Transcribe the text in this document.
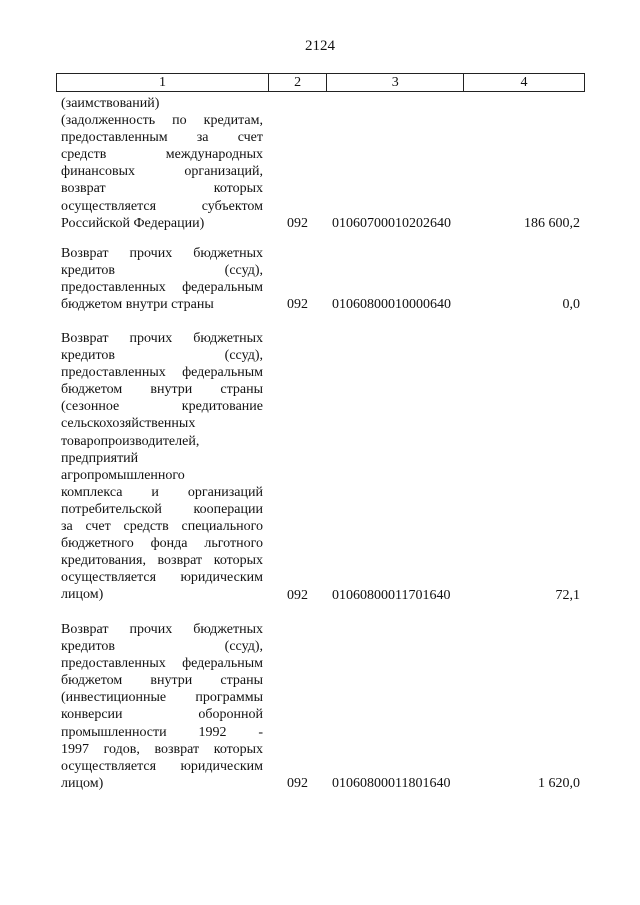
2124
1	2	3	4
(заимствований)
(задолженность по кредитам,
предоставленным за счет
средств международных
финансовых организаций,
возврат которых
осуществляется субъектом
Российской Федерации)	092	01060700010202640	186 600,2
Возврат прочих бюджетных
кредитов (ссуд),
предоставленных федеральным
бюджетом внутри страны	092	01060800010000640	0,0
Возврат прочих бюджетных
кредитов (ссуд),
предоставленных федеральным
бюджетом внутри страны
(сезонное кредитование
сельскохозяйственных
товаропроизводителей,
предприятий
агропромышленного
комплекса и организаций
потребительской кооперации
за счет средств специального
бюджетного фонда льготного
кредитования, возврат которых
осуществляется юридическим
лицом)	092	01060800011701640	72,1
Возврат прочих бюджетных
кредитов (ссуд),
предоставленных федеральным
бюджетом внутри страны
(инвестиционные программы
конверсии оборонной
промышленности 1992 -
1997 годов, возврат которых
осуществляется юридическим
лицом)	092	01060800011801640	1 620,0
